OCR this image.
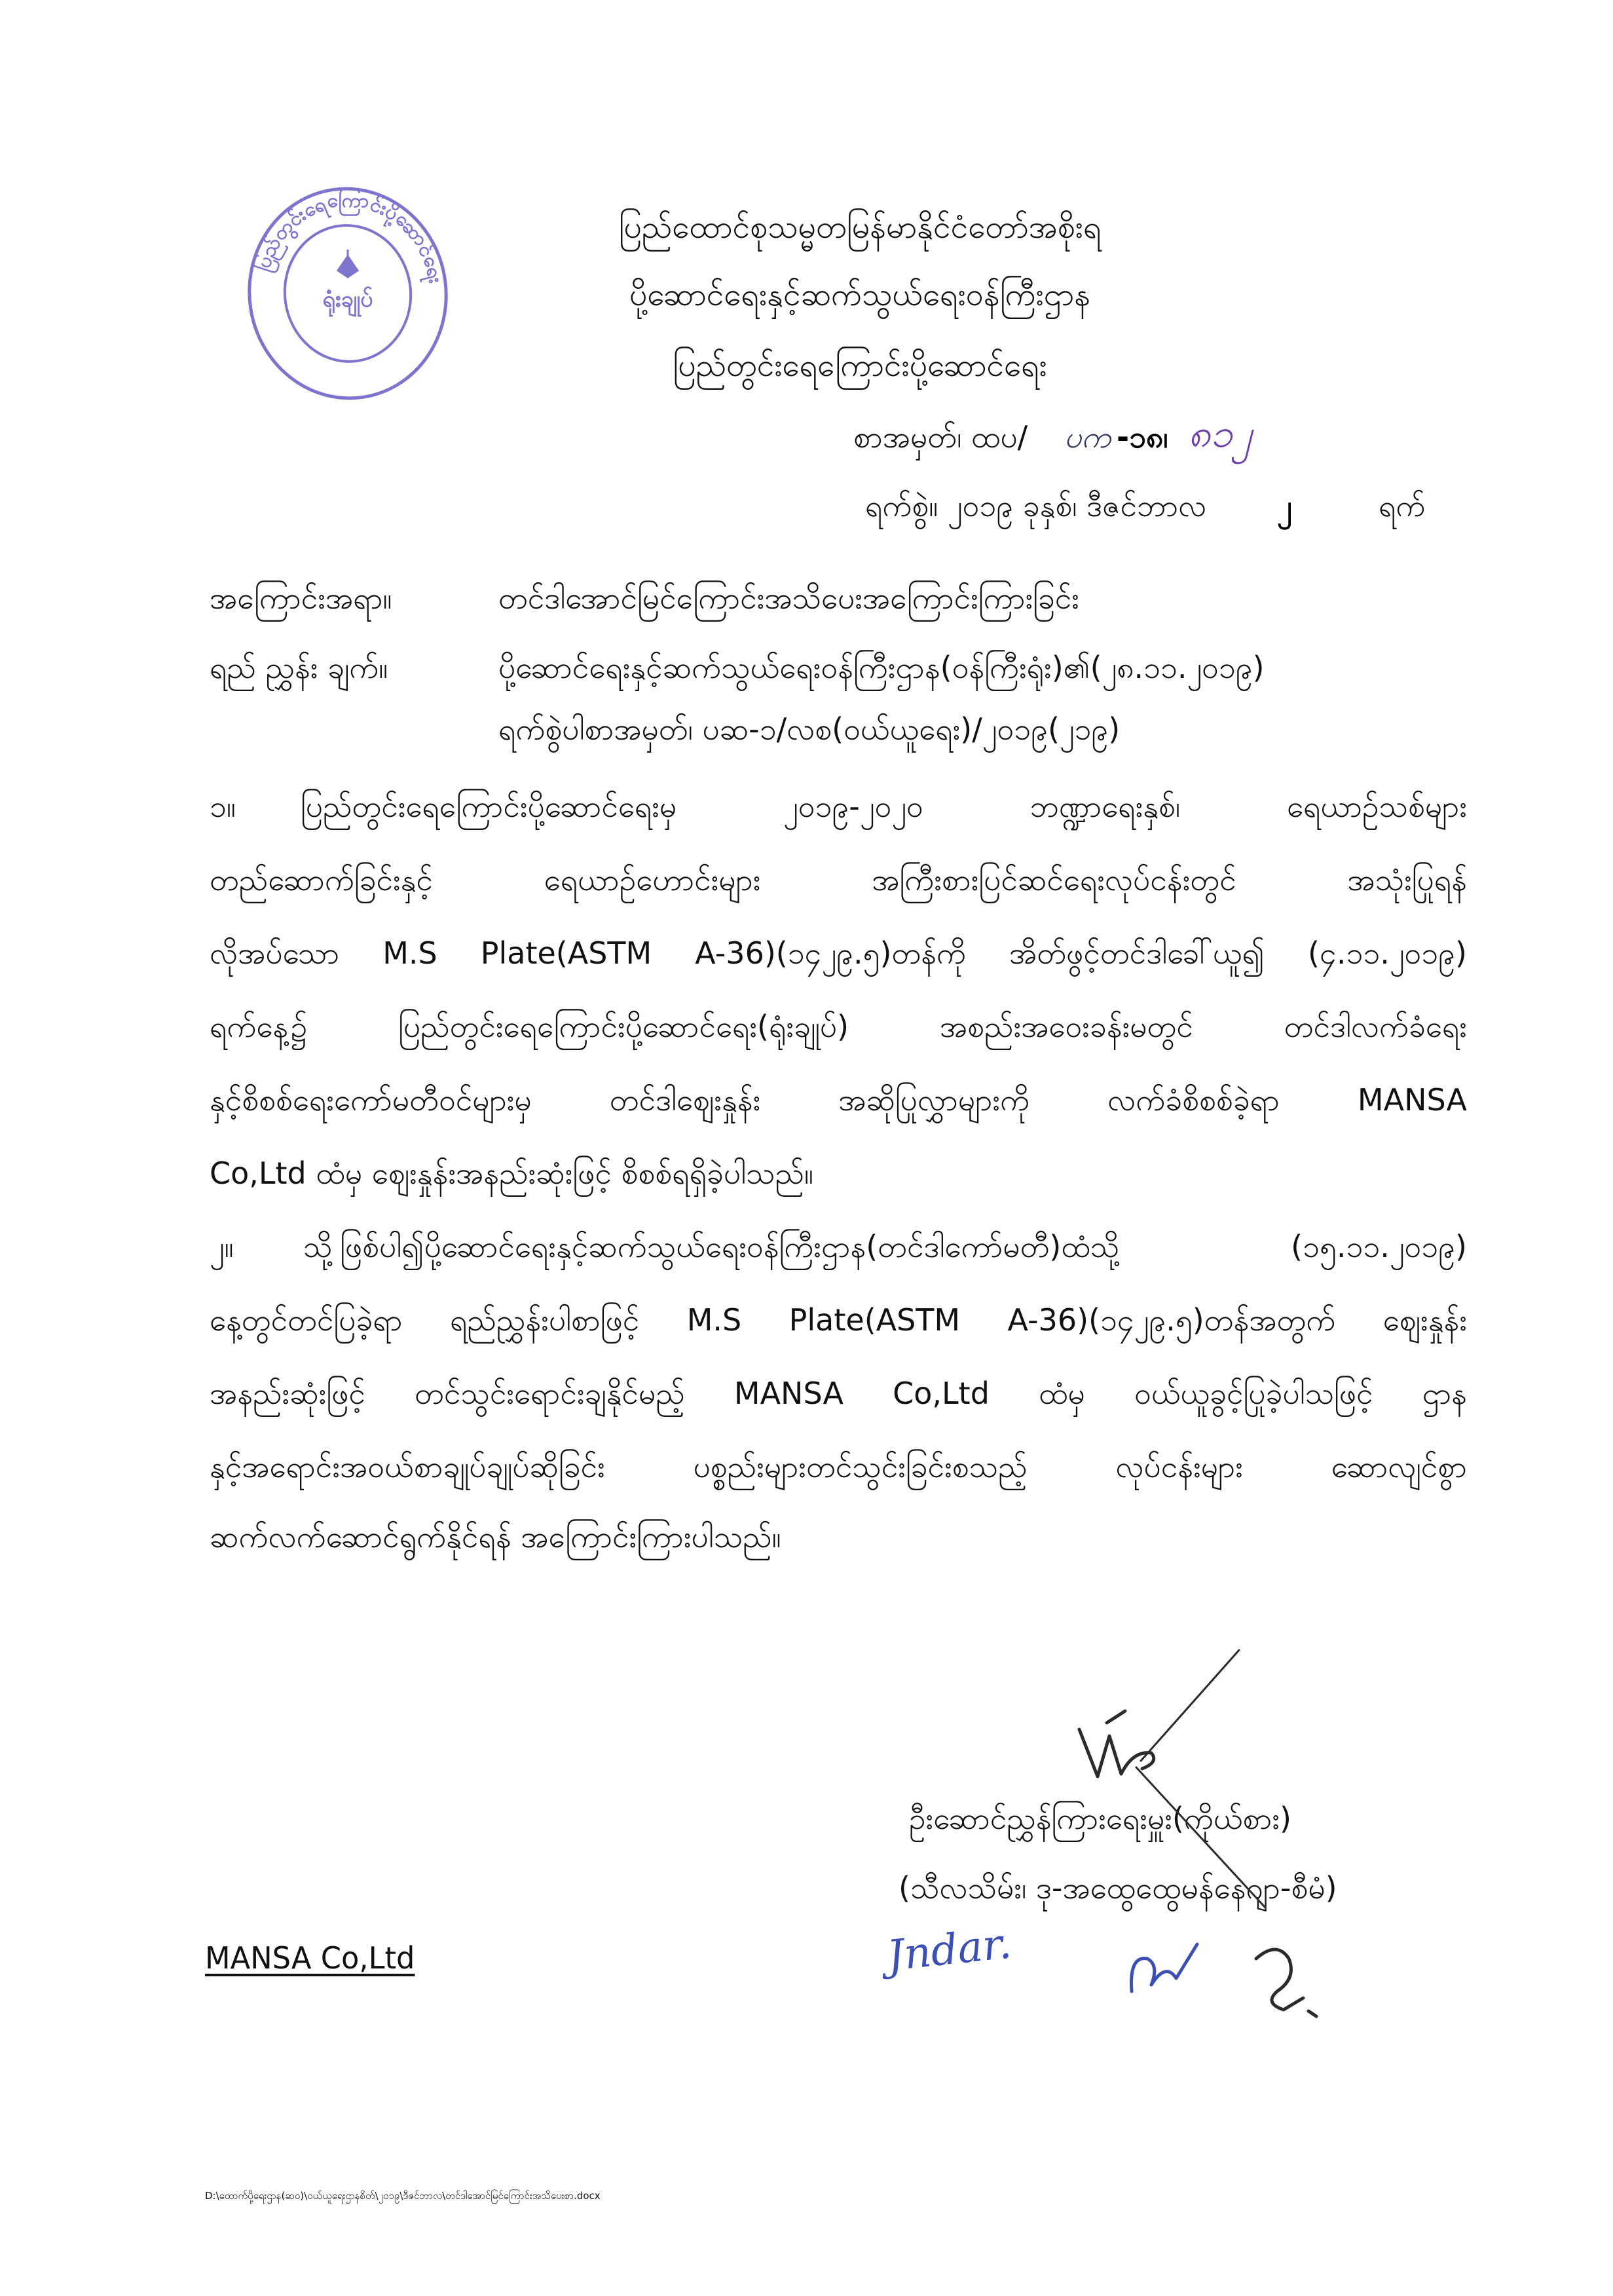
ပြည်တွင်းရေကြောင်းပို့ဆောင်ရေး
ရုံးချုပ်
ပြည်ထောင်စုသမ္မတမြန်မာနိုင်ငံတော်အစိုးရ
ပို့ဆောင်ရေးနှင့်ဆက်သွယ်ရေးဝန်ကြီးဌာန
ပြည်တွင်းရေကြောင်းပို့ဆောင်ရေး
စာအမှတ်၊ ထပ/	ပက -၁၈၊ ၈၁၂
ရက်စွဲ။ ၂၀၁၉ ခုနှစ်၊ ဒီဇင်ဘာလ	၂	ရက်
အကြောင်းအရာ။	တင်ဒါအောင်မြင်ကြောင်းအသိပေးအကြောင်းကြားခြင်း
ရည် ညွှန်း ချက်။	ပို့ဆောင်ရေးနှင့်ဆက်သွယ်ရေးဝန်ကြီးဌာန(ဝန်ကြီးရုံး)၏(၂၈.၁၁.၂၀၁၉)
ရက်စွဲပါစာအမှတ်၊ ပဆ-၁/လစ(ဝယ်ယူရေး)/၂၀၁၉(၂၁၉)
၁။	ပြည်တွင်းရေကြောင်းပို့ဆောင်ရေးမှ ၂၀၁၉-၂၀၂၀ ဘဏ္ဍာရေးနှစ်၊ ရေယာဉ်သစ်များ
တည်ဆောက်ခြင်းနှင့် ရေယာဉ်ဟောင်းများ အကြီးစားပြင်ဆင်ရေးလုပ်ငန်းတွင် အသုံးပြုရန်
လိုအပ်သော M.S Plate(ASTM A-36)(၁၄၂၉.၅)တန်ကို အိတ်ဖွင့်တင်ဒါခေါ်ယူ၍ (၄.၁၁.၂၀၁၉)
ရက်နေ့၌ ပြည်တွင်းရေကြောင်းပို့ဆောင်ရေး(ရုံးချုပ်) အစည်းအဝေးခန်းမတွင် တင်ဒါလက်ခံရေး
နှင့်စိစစ်ရေးကော်မတီဝင်များမှ တင်ဒါဈေးနှုန်း အဆိုပြုလွှာများကို လက်ခံစိစစ်ခဲ့ရာ MANSA
Co,Ltd ထံမှ ဈေးနှုန်းအနည်းဆုံးဖြင့် စိစစ်ရရှိခဲ့ပါသည်။
၂။	သို့ဖြစ်ပါ၍ပို့ဆောင်ရေးနှင့်ဆက်သွယ်ရေးဝန်ကြီးဌာန(တင်ဒါကော်မတီ)ထံသို့ (၁၅.၁၁.၂၀၁၉)
နေ့တွင်တင်ပြခဲ့ရာ ရည်ညွှန်းပါစာဖြင့် M.S Plate(ASTM A-36)(၁၄၂၉.၅)တန်အတွက် ဈေးနှုန်း
အနည်းဆုံးဖြင့် တင်သွင်းရောင်းချနိုင်မည့် MANSA Co,Ltd ထံမှ ဝယ်ယူခွင့်ပြုခဲ့ပါသဖြင့် ဌာန
နှင့်အရောင်းအဝယ်စာချုပ်ချုပ်ဆိုခြင်း ပစ္စည်းများတင်သွင်းခြင်းစသည့် လုပ်ငန်းများ ဆောလျင်စွာ
ဆက်လက်ဆောင်ရွက်နိုင်ရန် အကြောင်းကြားပါသည်။
ဦးဆောင်ညွှန်ကြားရေးမှူး(ကိုယ်စား)
(သီလသိမ်း၊ ဒု-အထွေထွေမန်နေဂျာ-စီမံ)
MANSA Co,Ltd	Jndar.
D:\ထောက်ပို့ရေးဌာန(ဆဝ)\ဝယ်ယူရေးဌာနစိတ်\၂၀၁၉\ဒီဇင်ဘာလ\တင်ဒါအောင်မြင်ကြောင်းအသိပေးစာ.docx
